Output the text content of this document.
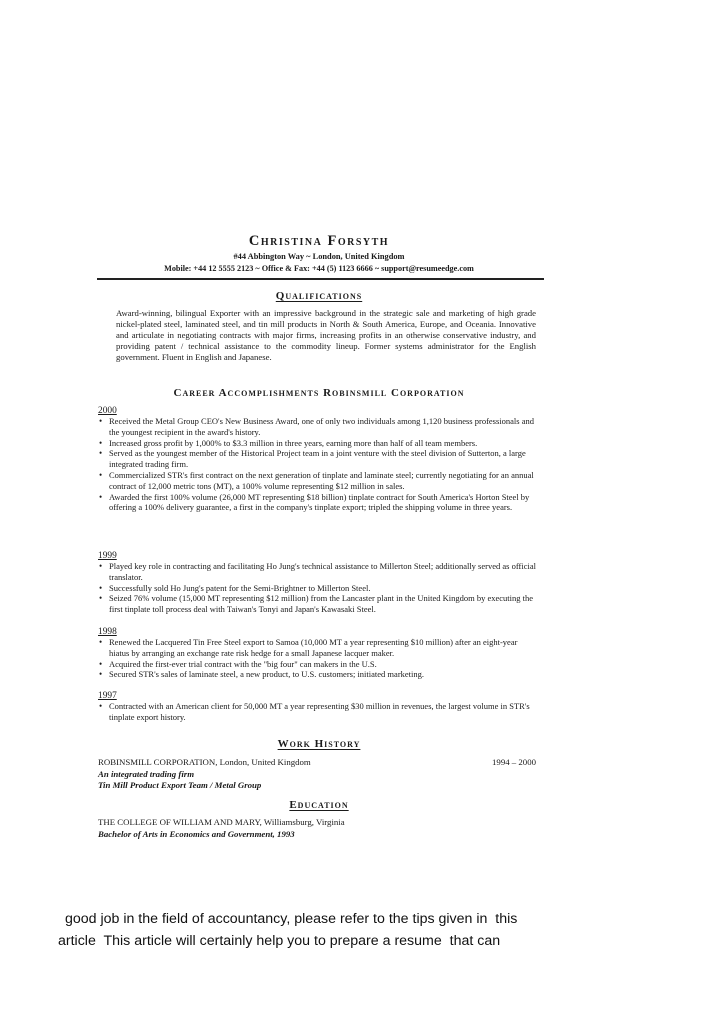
Christina Forsyth
#44 Abbington Way ~ London, United Kingdom
Mobile: +44 12 5555 2123 ~ Office & Fax: +44 (5) 1123 6666 ~ support@resumeedge.com
Qualifications

Award-winning, bilingual Exporter with an impressive background in the strategic sale and marketing of high grade nickel-plated steel, laminated steel, and tin mill products in North & South America, Europe, and Oceania. Innovative and articulate in negotiating contracts with major firms, increasing profits in an otherwise conservative industry, and providing patent / technical assistance to the commodity lineup. Former systems administrator for the English government. Fluent in English and Japanese.

Career Accomplishments Robinsmill Corporation
2000
• Received the Metal Group CEO's New Business Award, one of only two individuals among 1,120 business professionals and the youngest recipient in the award's history.
• Increased gross profit by 1,000% to $3.3 million in three years, earning more than half of all team members.
• Served as the youngest member of the Historical Project team in a joint venture with the steel division of Sutterton, a large integrated trading firm.
• Commercialized STR's first contract on the next generation of tinplate and laminate steel; currently negotiating for an annual contract of 12,000 metric tons (MT), a 100% volume representing $12 million in sales.
• Awarded the first 100% volume (26,000 MT representing $18 billion) tinplate contract for South America's Horton Steel by offering a 100% delivery guarantee, a first in the company's tinplate export; tripled the shipping volume in three years.
1999
• Played key role in contracting and facilitating Ho Jung's technical assistance to Millerton Steel; additionally served as official translator.
• Successfully sold Ho Jung's patent for the Semi-Brightner to Millerton Steel.
• Seized 76% volume (15,000 MT representing $12 million) from the Lancaster plant in the United Kingdom by executing the first tinplate toll process deal with Taiwan's Tonyi and Japan's Kawasaki Steel.
1998
• Renewed the Lacquered Tin Free Steel export to Samoa (10,000 MT a year representing $10 million) after an eight-year hiatus by arranging an exchange rate risk hedge for a small Japanese lacquer maker.
• Acquired the first-ever trial contract with the "big four" can makers in the U.S.
• Secured STR's sales of laminate steel, a new product, to U.S. customers; initiated marketing.
1997
• Contracted with an American client for 50,000 MT a year representing $30 million in revenues, the largest volume in STR's tinplate export history.
Work History
ROBINSMILL CORPORATION, London, United Kingdom	1994 – 2000
An integrated trading firm
Tin Mill Product Export Team / Metal Group
Education
THE COLLEGE OF WILLIAM AND MARY, Williamsburg, Virginia
Bachelor of Arts in Economics and Government, 1993
good job in the field of accountancy, please refer to the tips given in  this
article  This article will certainly help you to prepare a resume  that can
